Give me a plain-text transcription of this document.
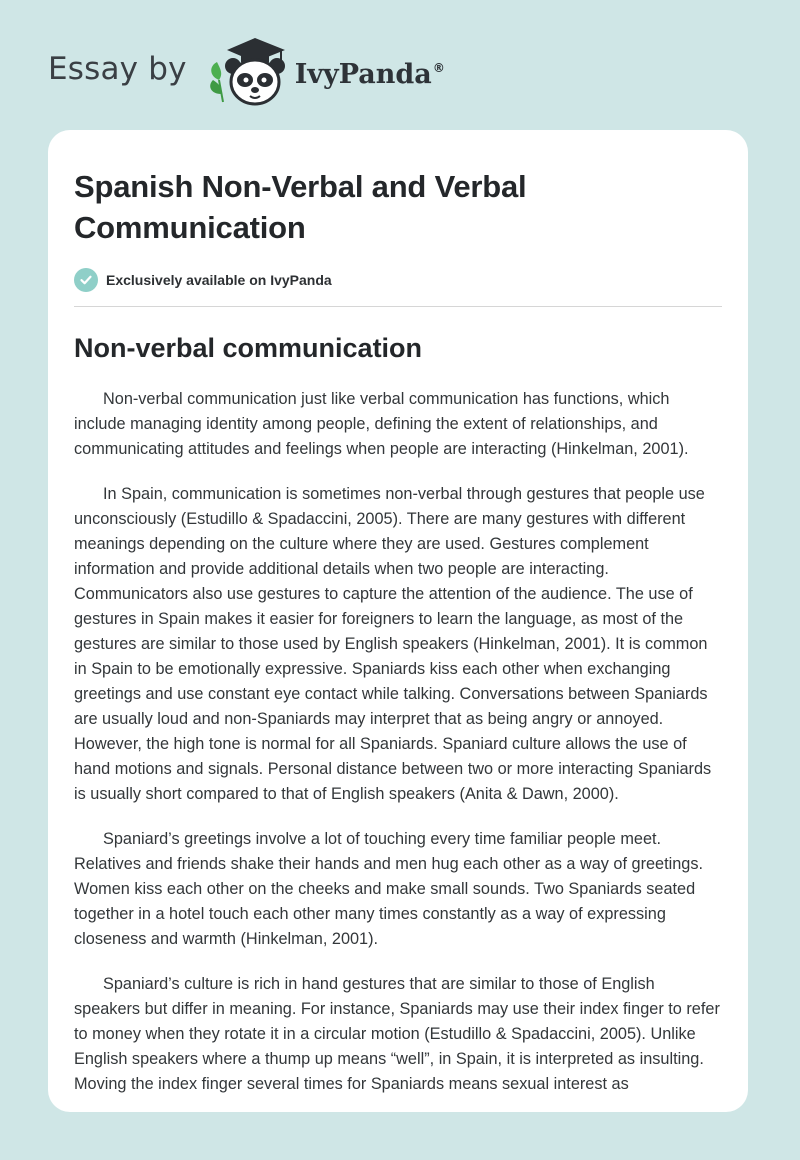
Essay by	IvyPanda®
Spanish Non-Verbal and Verbal Communication
Exclusively available on IvyPanda
Non-verbal communication

Non-verbal communication just like verbal communication has functions, which include managing identity among people, defining the extent of relationships, and communicating attitudes and feelings when people are interacting (Hinkelman, 2001).

In Spain, communication is sometimes non-verbal through gestures that people use unconsciously (Estudillo & Spadaccini, 2005). There are many gestures with different meanings depending on the culture where they are used. Gestures complement information and provide additional details when two people are interacting. Communicators also use gestures to capture the attention of the audience. The use of gestures in Spain makes it easier for foreigners to learn the language, as most of the gestures are similar to those used by English speakers (Hinkelman, 2001). It is common in Spain to be emotionally expressive. Spaniards kiss each other when exchanging greetings and use constant eye contact while talking. Conversations between Spaniards are usually loud and non-Spaniards may interpret that as being angry or annoyed. However, the high tone is normal for all Spaniards. Spaniard culture allows the use of hand motions and signals. Personal distance between two or more interacting Spaniards is usually short compared to that of English speakers (Anita & Dawn, 2000).

Spaniard’s greetings involve a lot of touching every time familiar people meet. Relatives and friends shake their hands and men hug each other as a way of greetings. Women kiss each other on the cheeks and make small sounds. Two Spaniards seated together in a hotel touch each other many times constantly as a way of expressing closeness and warmth (Hinkelman, 2001).

Spaniard’s culture is rich in hand gestures that are similar to those of English speakers but differ in meaning. For instance, Spaniards may use their index finger to refer to money when they rotate it in a circular motion (Estudillo & Spadaccini, 2005). Unlike English speakers where a thump up means “well”, in Spain, it is interpreted as insulting. Moving the index finger several times for Spaniards means sexual interest as
